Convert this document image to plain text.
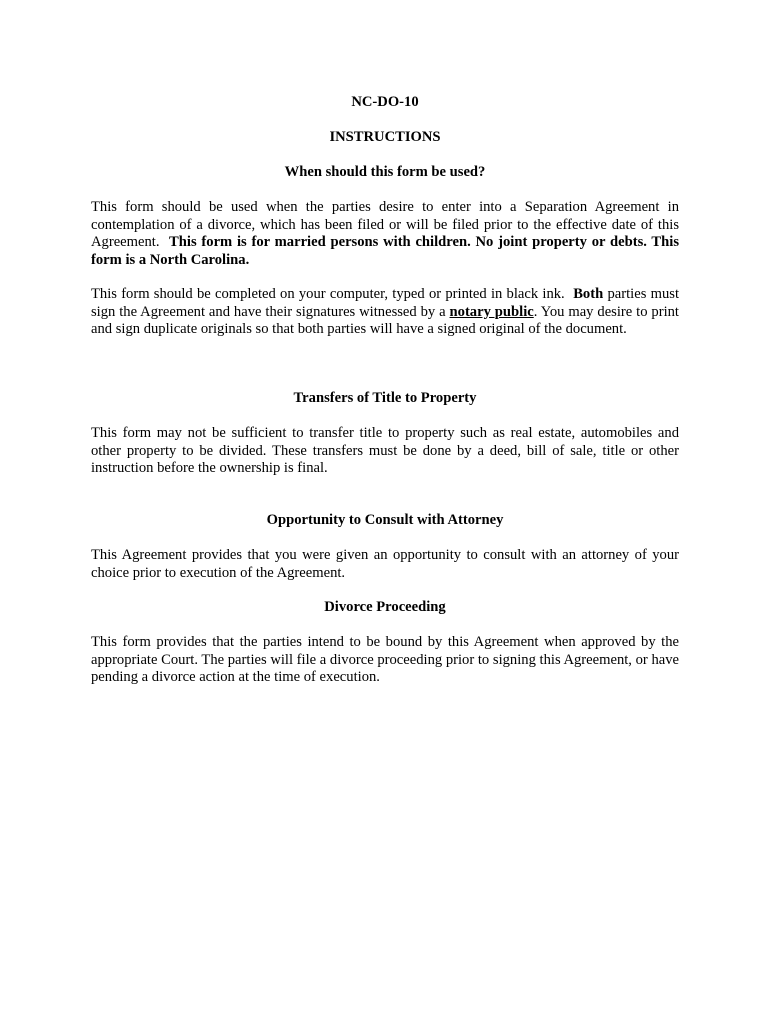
NC-DO-10
INSTRUCTIONS
When should this form be used?

This form should be used when the parties desire to enter into a Separation Agreement in contemplation of a divorce, which has been filed or will be filed prior to the effective date of this Agreement. This form is for married persons with children. No joint property or debts. This form is a North Carolina.

This form should be completed on your computer, typed or printed in black ink. Both parties must sign the Agreement and have their signatures witnessed by a notary public. You may desire to print and sign duplicate originals so that both parties will have a signed original of the document.

Transfers of Title to Property

This form may not be sufficient to transfer title to property such as real estate, automobiles and other property to be divided. These transfers must be done by a deed, bill of sale, title or other instruction before the ownership is final.

Opportunity to Consult with Attorney

This Agreement provides that you were given an opportunity to consult with an attorney of your choice prior to execution of the Agreement.

Divorce Proceeding

This form provides that the parties intend to be bound by this Agreement when approved by the appropriate Court. The parties will file a divorce proceeding prior to signing this Agreement, or have pending a divorce action at the time of execution.
